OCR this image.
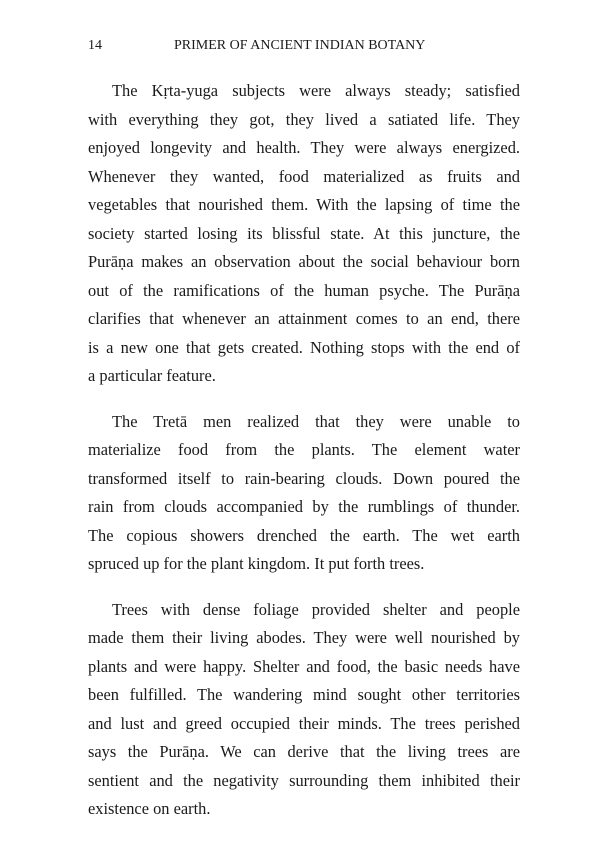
14	PRIMER OF ANCIENT INDIAN BOTANY
The Kṛta-yuga subjects were always steady; satisfied
with everything they got, they lived a satiated life. They
enjoyed longevity and health. They were always energized.
Whenever they wanted, food materialized as fruits and
vegetables that nourished them. With the lapsing of time the
society started losing its blissful state. At this juncture, the
Purāṇa makes an observation about the social behaviour born
out of the ramifications of the human psyche. The Purāṇa
clarifies that whenever an attainment comes to an end, there
is a new one that gets created. Nothing stops with the end of
a particular feature.
The Tretā men realized that they were unable to
materialize food from the plants. The element water
transformed itself to rain-bearing clouds. Down poured the
rain from clouds accompanied by the rumblings of thunder.
The copious showers drenched the earth. The wet earth
spruced up for the plant kingdom. It put forth trees.
Trees with dense foliage provided shelter and people
made them their living abodes. They were well nourished by
plants and were happy. Shelter and food, the basic needs have
been fulfilled. The wandering mind sought other territories
and lust and greed occupied their minds. The trees perished
says the Purāṇa. We can derive that the living trees are
sentient and the negativity surrounding them inhibited their
existence on earth.
